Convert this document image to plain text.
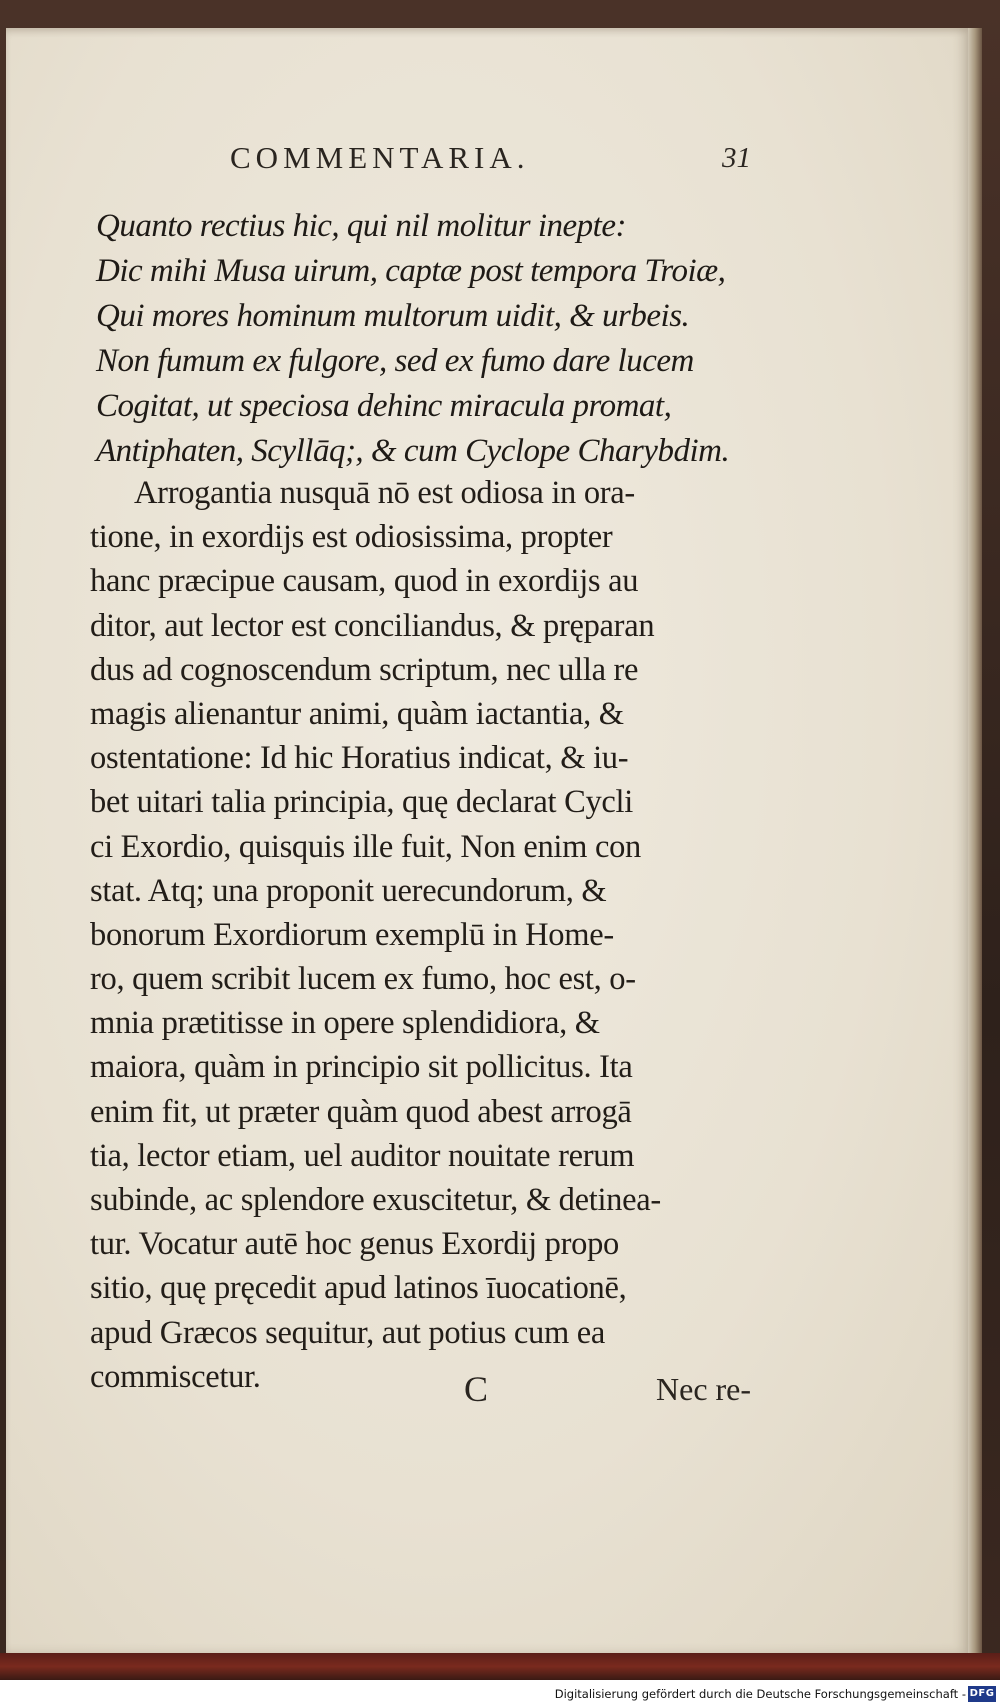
COMMENTARIA.	31
Quanto rectius hic, qui nil molitur inepte:
Dic mihi Musa uirum, captæ post tempora Troiæ,
Qui mores hominum multorum uidit, & urbeis.
Non fumum ex fulgore, sed ex fumo dare lucem
Cogitat, ut speciosa dehinc miracula promat,
Antiphaten, Scyllāq;, & cum Cyclope Charybdim.
Arrogantia nusquā nō est odiosa in ora-
tione, in exordijs est odiosissima, propter
hanc præcipue causam, quod in exordijs au
ditor, aut lector est conciliandus, & pręparan
dus ad cognoscendum scriptum, nec ulla re
magis alienantur animi, quàm iactantia, &
ostentatione: Id hic Horatius indicat, & iu-
bet uitari talia principia, quę declarat Cycli
ci Exordio, quisquis ille fuit, Non enim con
stat. Atq; una proponit uerecundorum, &
bonorum Exordiorum exemplū in Home-
ro, quem scribit lucem ex fumo, hoc est, o-
mnia prætitisse in opere splendidiora, &
maiora, quàm in principio sit pollicitus. Ita
enim fit, ut præter quàm quod abest arrogā
tia, lector etiam, uel auditor nouitate rerum
subinde, ac splendore exuscitetur, & detinea-
tur. Vocatur autē hoc genus Exordij propo
sitio, quę pręcedit apud latinos īuocationē,
apud Græcos sequitur, aut potius cum ea
commiscetur.	C	Nec re-
Digitalisierung gefördert durch die Deutsche Forschungsgemeinschaft - DFG
